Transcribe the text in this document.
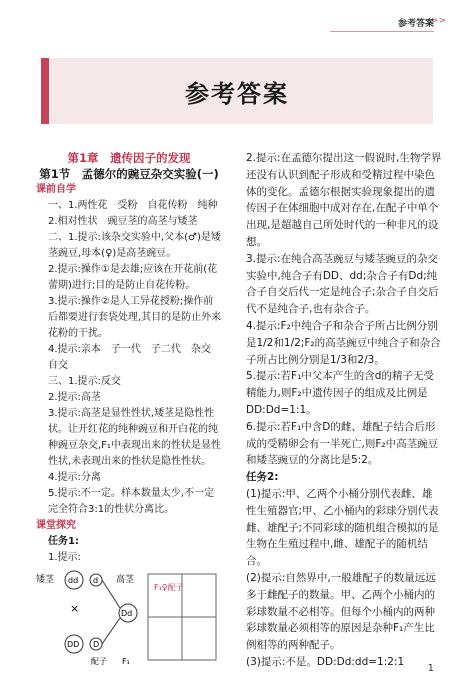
参考答案
>>
参考答案
第1章　遗传因子的发现
第1节　孟德尔的豌豆杂交实验(一)
课前自学
一、1.两性花　受粉　自花传粉　纯种
2.相对性状　豌豆茎的高茎与矮茎
二、1.提示:该杂交实验中,父本(♂)是矮茎豌豆,母本(♀)是高茎豌豆。
2.提示:操作①是去雄;应该在开花前(花蕾期)进行;目的是防止自花传粉。
3.提示:操作②是人工异花授粉;操作前后都要进行套袋处理,其目的是防止外来花粉的干扰。
4.提示:亲本　子一代　子二代　杂交　自交
三、1.提示:反交
2.提示:高茎
3.提示:高茎是显性性状,矮茎是隐性性状。让开红花的纯种豌豆和开白花的纯种豌豆杂交,F₁中表现出来的性状是显性性状,未表现出来的性状是隐性性状。
4.提示:分离
5.提示:不一定。样本数量太少,不一定完全符合3:1的性状分离比。
课堂探究
任务1:
1.提示:
矮茎 dd d 高茎
×
DD D
Dd
配子 F₁
F₁♀配子
2.提示:在孟德尔提出这一假说时,生物学界还没有认识到配子形成和受精过程中染色体的变化。孟德尔根据实验现象提出的遗传因子在体细胞中成对存在,在配子中单个出现,是超越自己所处时代的一种非凡的设想。
3.提示:在纯合高茎豌豆与矮茎豌豆的杂交实验中,纯合子有DD、dd;杂合子有Dd;纯合子自交后代一定是纯合子;杂合子自交后代不是纯合子,也有杂合子。
4.提示:F₂中纯合子和杂合子所占比例分别是1/2和1/2;F₂的高茎豌豆中纯合子和杂合子所占比例分别是1/3和2/3。
5.提示:若F₁中父本产生的含d的精子无受精能力,则F₂中遗传因子的组成及比例是DD:Dd=1:1。
6.提示:若F₁中含D的雌、雄配子结合后形成的受精卵会有一半死亡,则F₂中高茎豌豆和矮茎豌豆的分离比是5:2。
任务2:
(1)提示:甲、乙两个小桶分别代表雌、雄性生殖器官;甲、乙小桶内的彩球分别代表雌、雄配子;不同彩球的随机组合模拟的是生物在生殖过程中,雌、雄配子的随机结合。
(2)提示:自然界中,一般雄配子的数量远远多于雌配子的数量。甲、乙两个小桶内的彩球数量不必相等。但每个小桶内的两种彩球数量必须相等的原因是杂种F₁产生比例相等的两种配子。
(3)提示:不是。DD:Dd:dd=1:2:1
1
